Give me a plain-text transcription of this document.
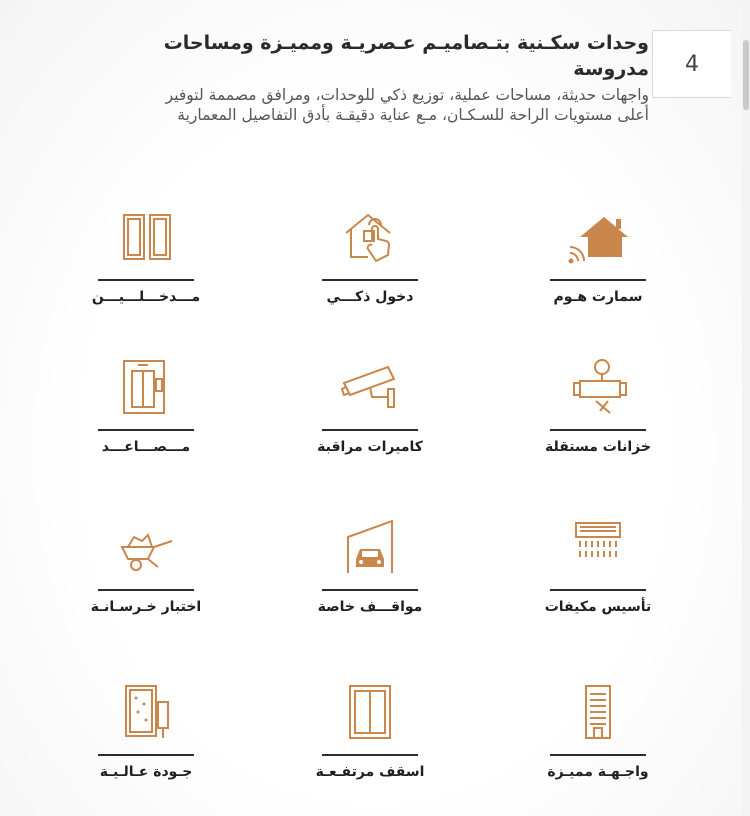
4
وحدات سكـنية بتـصاميـم عـصريـة ومميـزة ومساحات مدروسة
واجهات حديثة، مساحات عملية، توزيع ذكي للوحدات، ومرافق مصممة لتوفير
أعلى مستويات الراحة للسـكـان، مـع عناية دقيقـة بأدق التفاصيل المعمارية
سمارت هـوم
دخول ذكـــي
مـــدخـــلـــيـــن
خزانات مستقلة
كاميرات مراقبة
مـــصـــاعـــد
تأسيس مكيفات
مواقـــف خاصة
اختبار خـرسـانـة
واجـهـة مميـزة
اسقف مرتفـعـة
جـودة عـالـيـة
